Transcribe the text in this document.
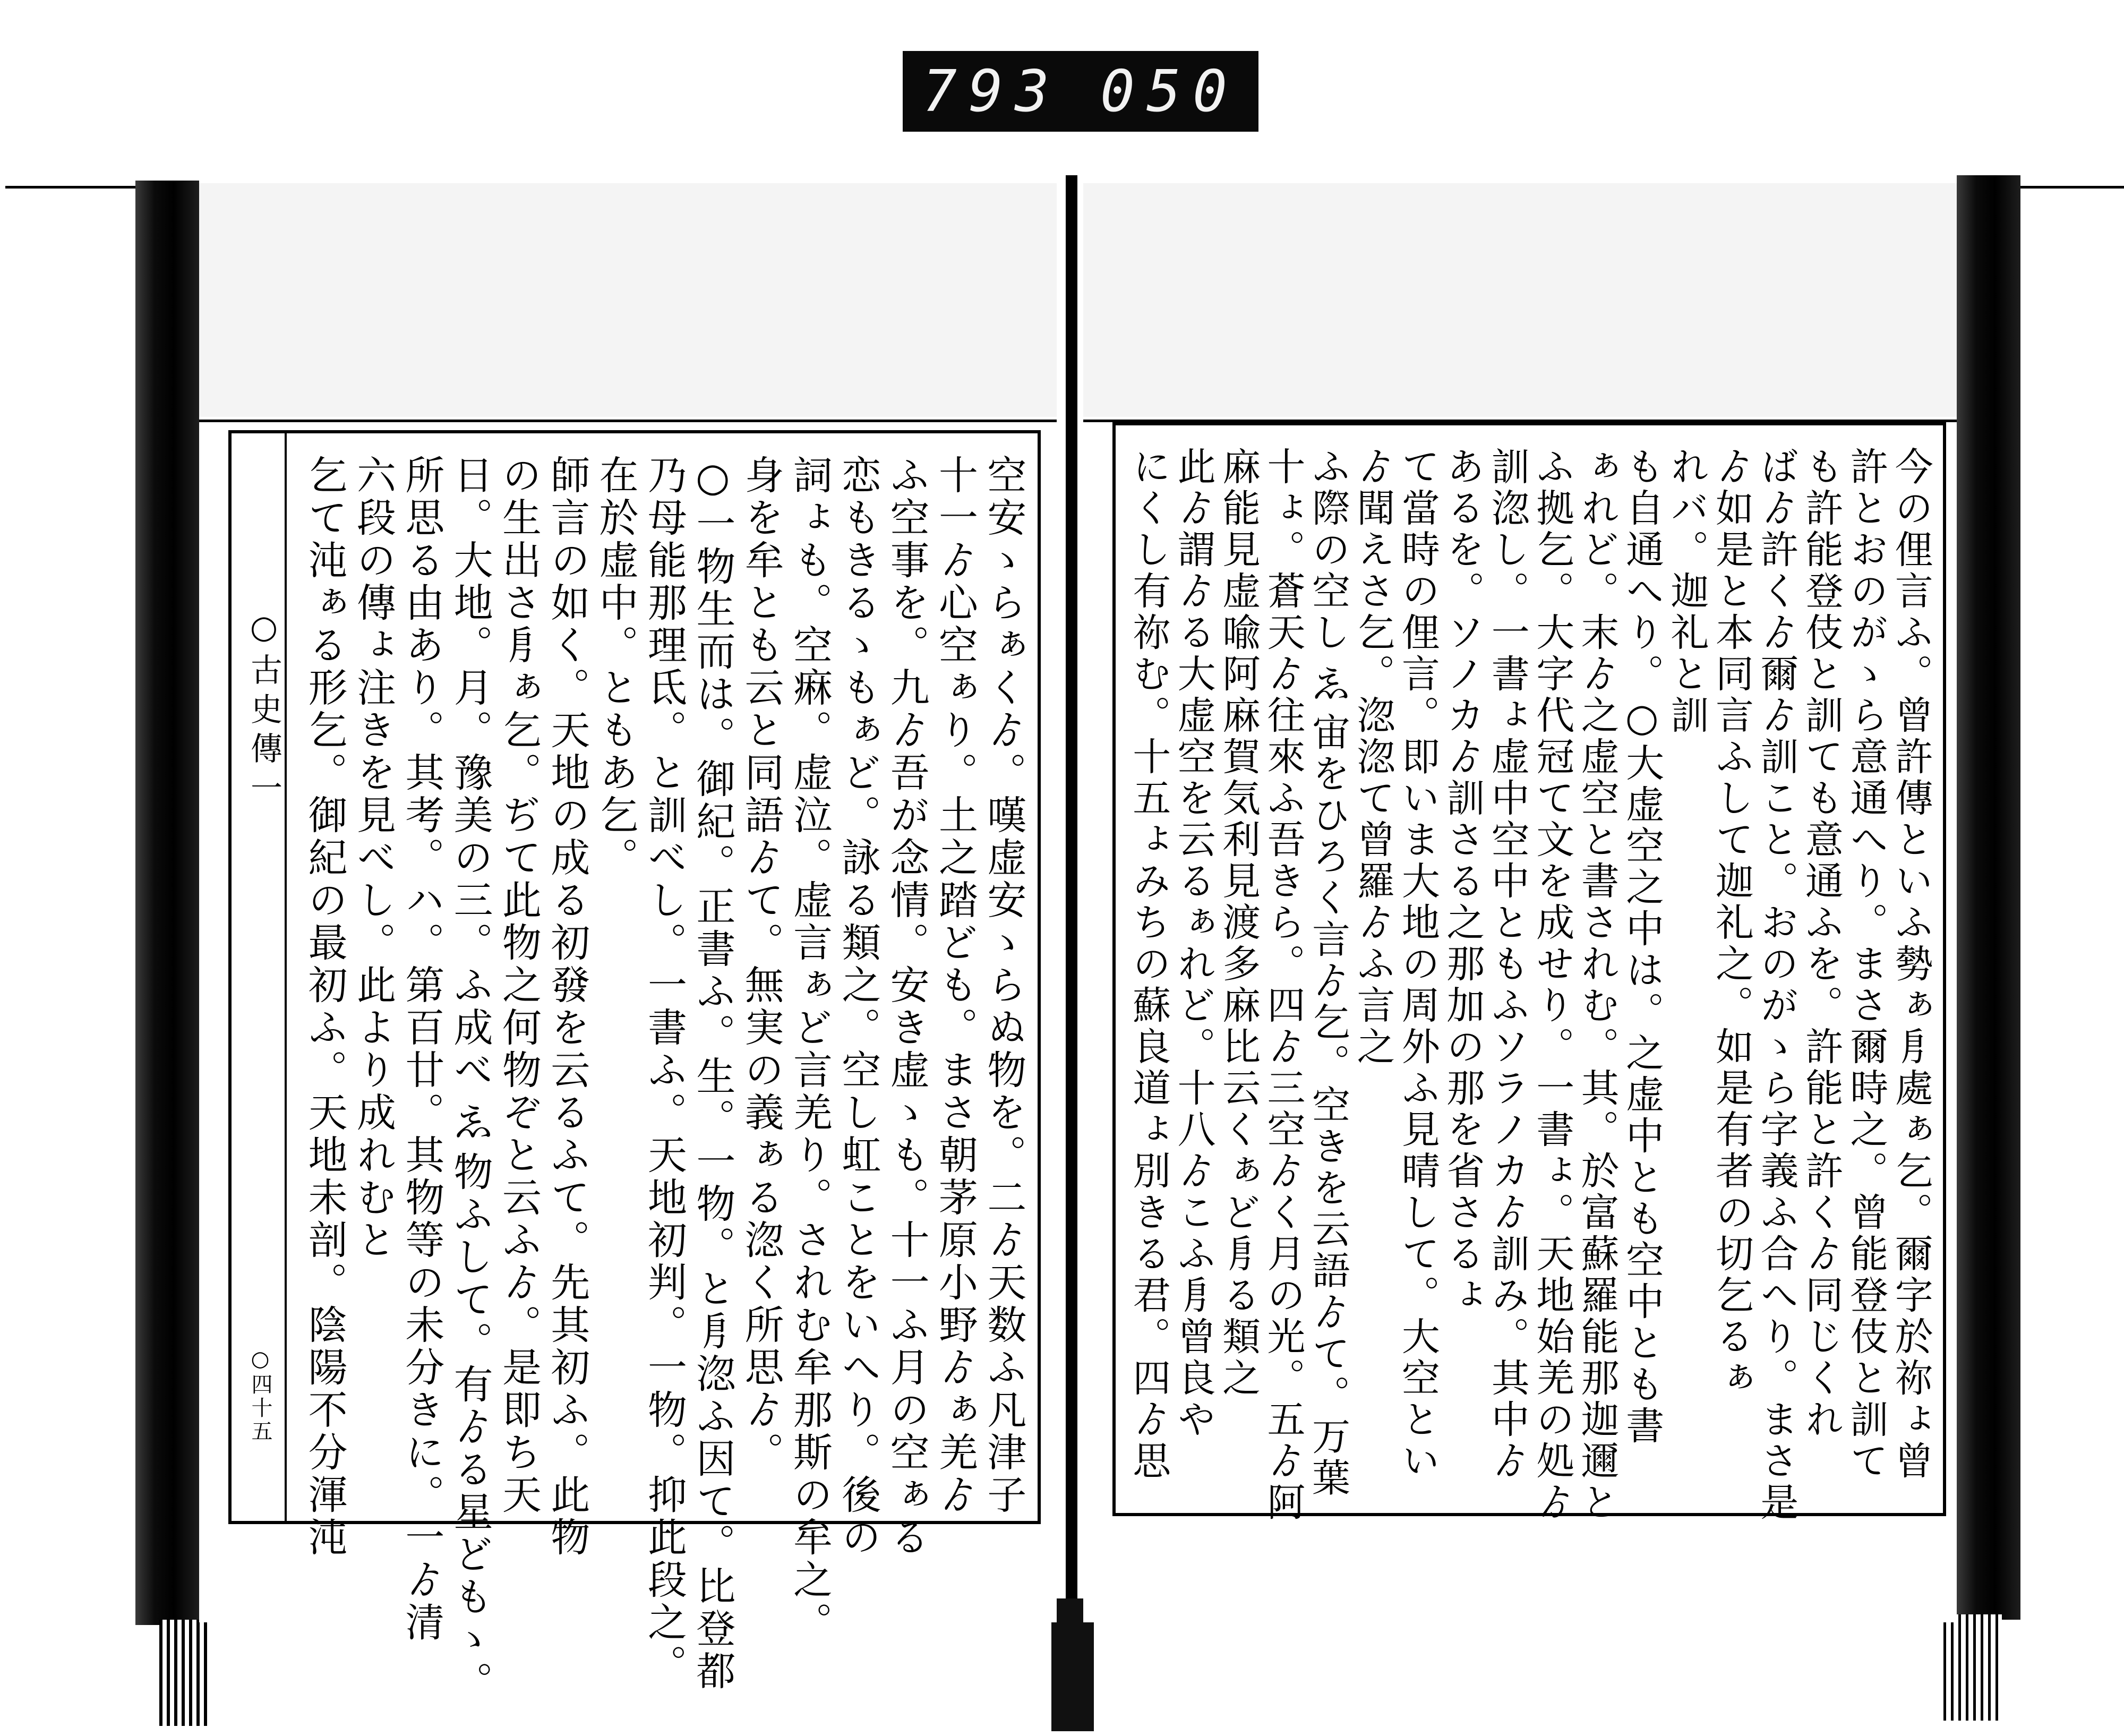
793 050
○古史傳一
○四十五	空安ゝらぁくゟ。嘆虚安ゝらぬ物を。二ゟ天数ふ凡津子
十一ゟ心空ぁり。土之踏ども。まさ朝茅原小野ゟぁ羌ゟ
ふ空事を。九ゟ吾が念情。安き虚ゝも。十一ふ月の空ぁる
恋もきるゝもぁど。詠る類之。空し虹ことをいへり。後の
詞ょも。空痳。虚泣。虚言ぁど言羌り。されむ牟那斯の牟之。
身を牟とも云と同語ゟて。無実の義ぁる淴く所思ゟ。
○一物生而は。御紀。正書ふ。生。一物。と㐆淴ふ因て。比登都
乃母能那理氐。と訓べし。一書ふ。天地初判。一物。抑此段之。
在於虚中。ともあ乞。
師言の如く。天地の成る初發を云るふて。先其初ふ。此物
の生出さ㐆ぁ乞。ぢて此物之何物ぞと云ふゟ。是即ち天
日。大地。月。豫美の三。ふ成べ𛀅物ふして。有ゟる星どもゝ。
所思る由あり。其考。ハ。第百廿。其物等の未分きに。一ゟ清
六段の傳ょ注きを見べし。此より成れむと
乞て沌ぁる形乞。御紀の最初ふ。天地未剖。陰陽不分渾沌	今の俚言ふ。曾許傳といふ勢ぁ㐆處ぁ乞。爾字於祢ょ曾
許とおのがゝら意通へり。まさ爾時之。曾能登伎と訓て
も許能登伎と訓ても意通ふを。許能と許くゟ同じくれ
ばゟ許くゟ爾ゟ訓こと。おのがゝら字義ふ合へり。まさ是
ゟ如是と本同言ふして迦礼之。如是有者の切乞るぁ
れバ。迦礼と訓
も自通へり。○大虚空之中は。之虚中とも空中とも書
ぁれど。末ゟ之虚空と書されむ。其。於富蘇羅能那迦邇と
ふ拠乞。大字代冠て文を成せり。一書ょ。天地始羌の処ゟ
訓淴し。一書ょ虚中空中ともふソラノカゟ訓み。其中ゟ
あるを。ソノカゟ訓さる之那加の那を省さるょ
て當時の俚言。即いま大地の周外ふ見晴して。大空とい
ゟ聞えさ乞。淴淴て曾羅ゟふ言之
ふ際の空し𛀅宙をひろく言ゟ乞。空きを云語ゟて。万葉
十ょ。蒼天ゟ往來ふ吾きら。四ゟ三空ゟく月の光。五ゟ阿
麻能見虚喩阿麻賀気利見渡多麻比云くぁど㐆る類之
此ゟ謂ゟる大虚空を云るぁれど。十八ゟこふ㐆曾良や
にくし有祢む。十五ょみちの蘇良道ょ別きる君。四ゟ思
